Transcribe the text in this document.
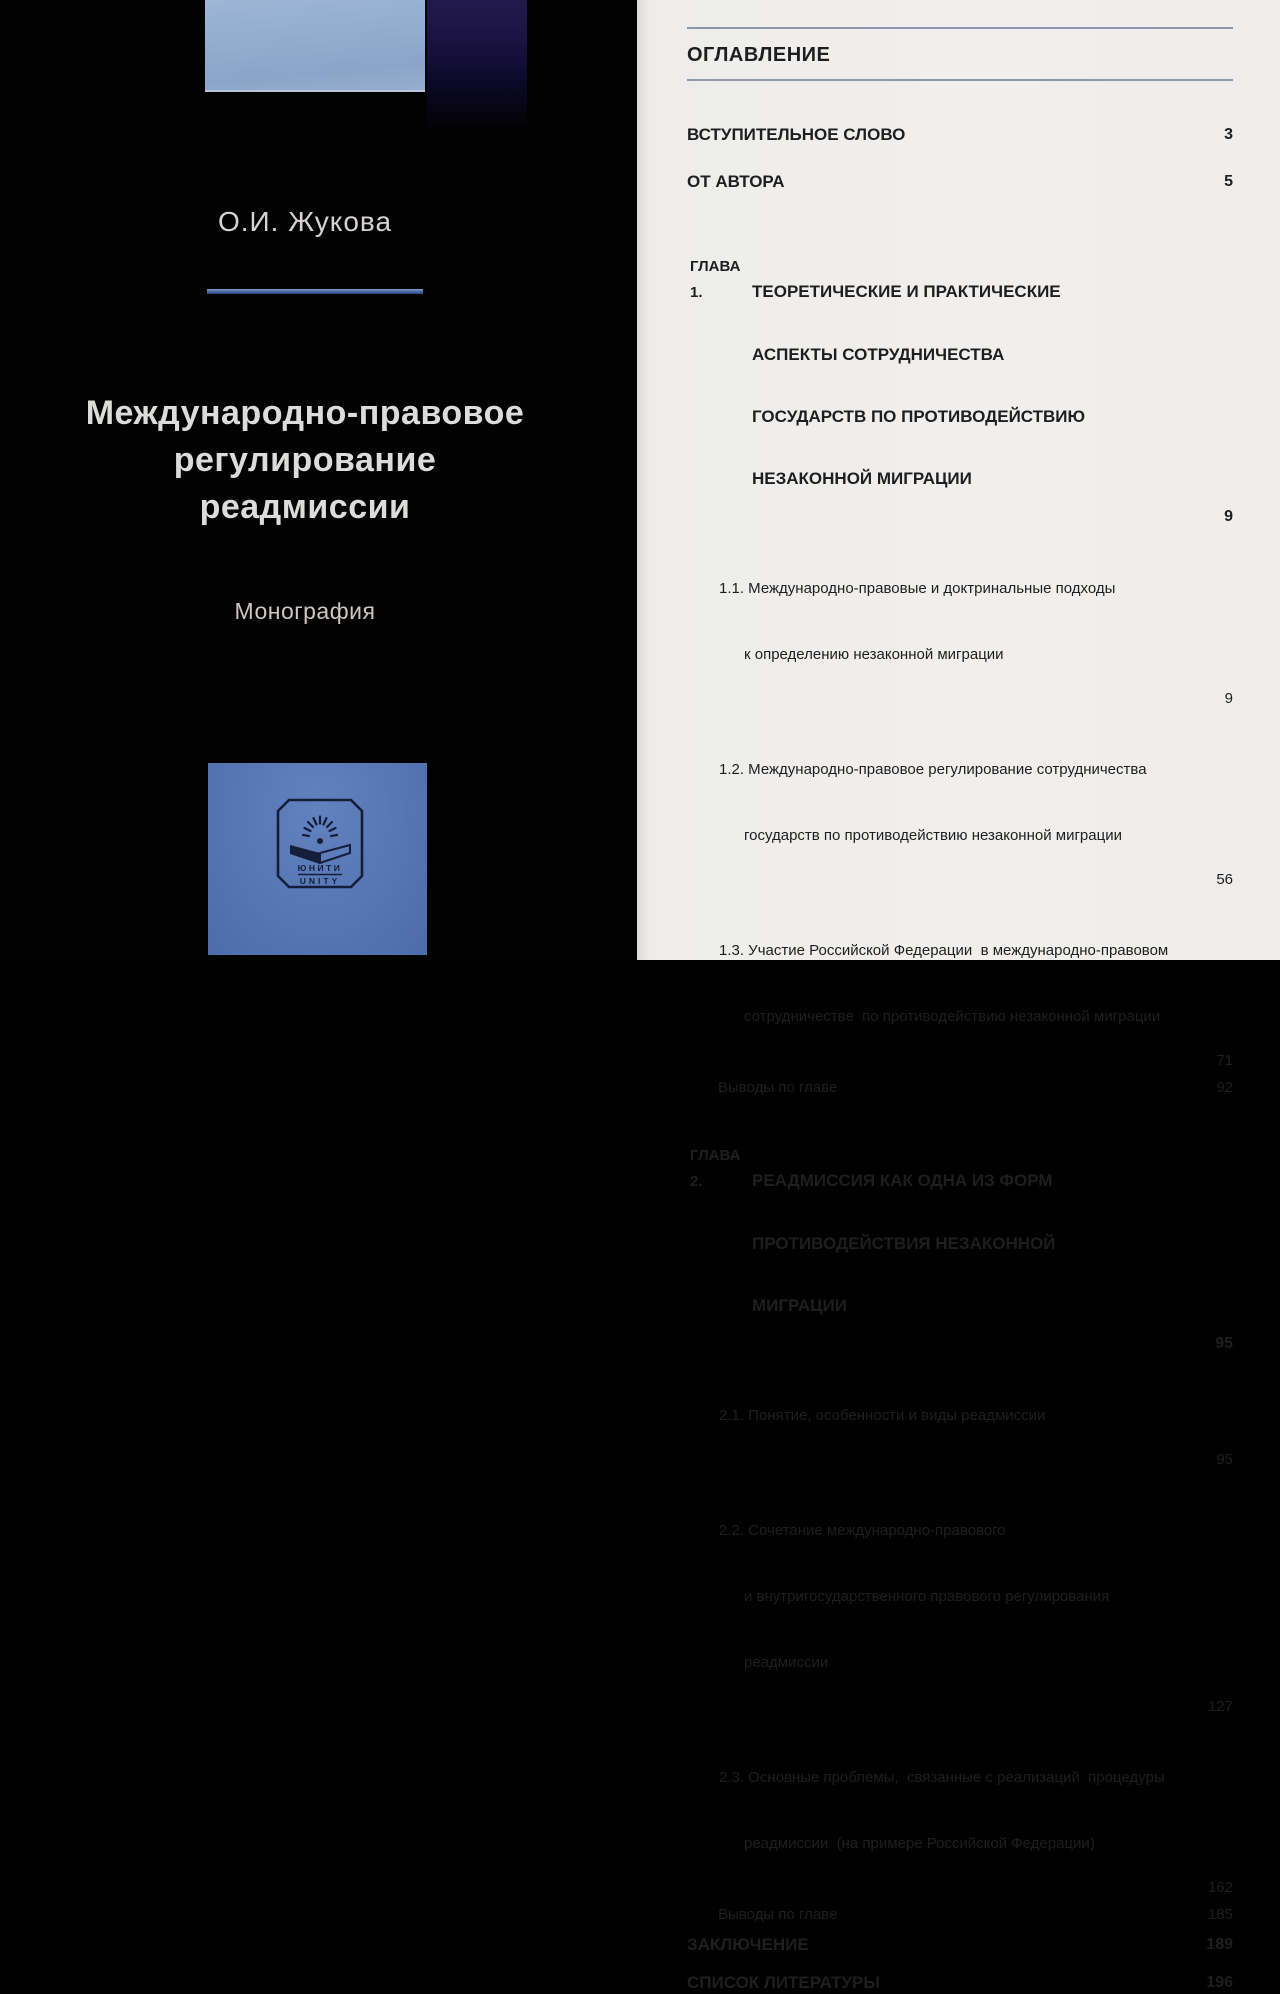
О.И. Жукова
Международно-правовое
регулирование
реадмиссии
Монография
ЮНИТИ
UNITY
ОГЛАВЛЕНИЕ
ВСТУПИТЕЛЬНОЕ СЛОВО	3
ОТ АВТОРА	5

ГЛАВА 1.	ТЕОРЕТИЧЕСКИЕ И ПРАКТИЧЕСКИЕ

АСПЕКТЫ СОТРУДНИЧЕСТВА

ГОСУДАРСТВ ПО ПРОТИВОДЕЙСТВИЮ

НЕЗАКОННОЙ МИГРАЦИИ

9

1.1. Международно-правовые и доктринальные подходы

к определению незаконной миграции

9

1.2. Международно-правовое регулирование сотрудничества

государств по противодействию незаконной миграции

56

1.3. Участие Российской Федерации  в международно-правовом

сотрудничестве  по противодействию незаконной миграции

71
Выводы по главе	92

ГЛАВА 2.	РЕАДМИССИЯ КАК ОДНА ИЗ ФОРМ

ПРОТИВОДЕЙСТВИЯ НЕЗАКОННОЙ

МИГРАЦИИ

95

2.1. Понятие, особенности и виды реадмиссии

95

2.2. Сочетание международно-правового

и внутригосударственного правового регулирования

реадмиссии

127

2.3. Основные проблемы,  связанные с реализаций  процедуры

реадмиссии  (на примере Российской Федерации)

162
Выводы по главе	185
ЗАКЛЮЧЕНИЕ	189
СПИСОК ЛИТЕРАТУРЫ	196
